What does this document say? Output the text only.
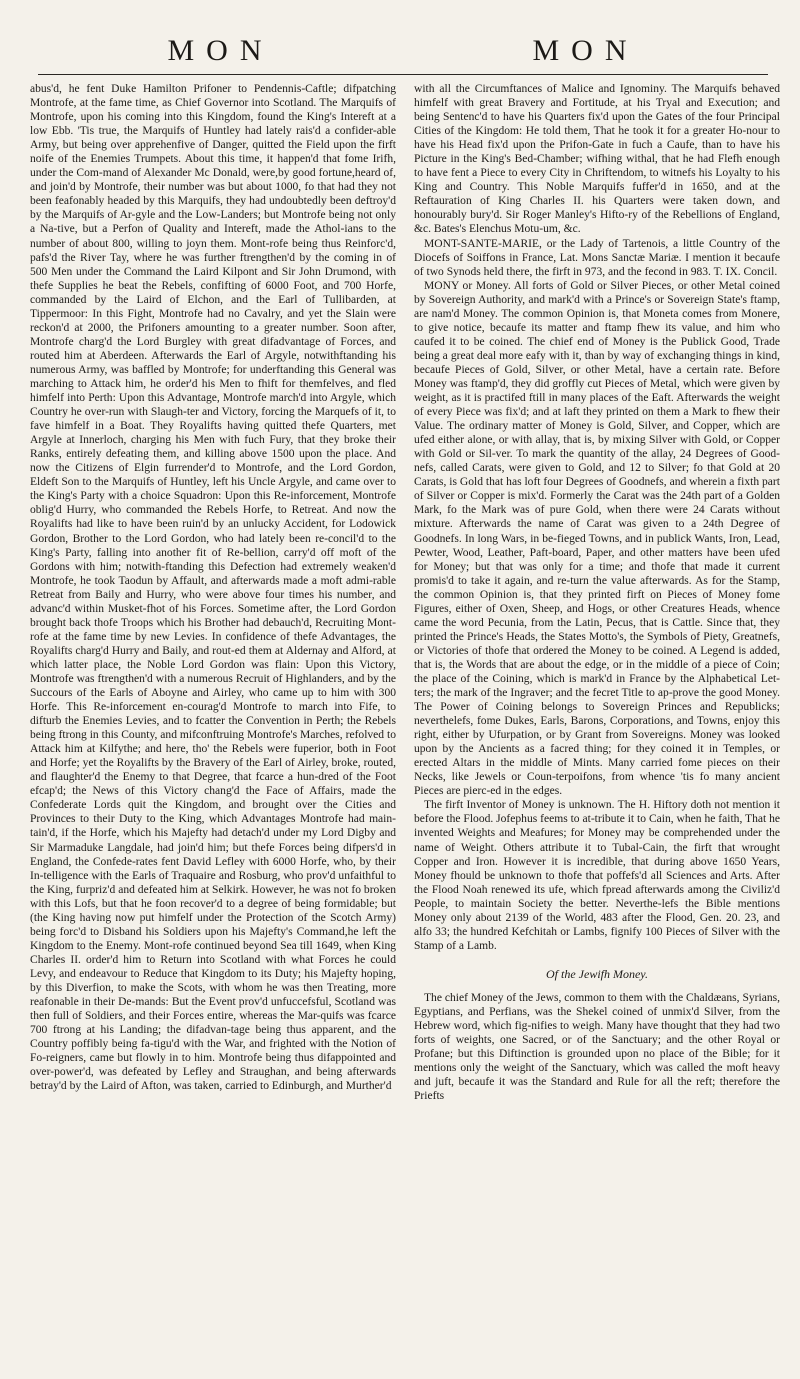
MON	MON

abus'd, he fent Duke Hamilton Prifoner to Pendennis-Caftle; difpatching Montrofe, at the fame time, as Chief Governor into Scotland. The Marquifs of Montrofe, upon his coming into this Kingdom, found the King's Intereft at a low Ebb. 'Tis true, the Marquifs of Huntley had lately rais'd a confider-able Army, but being over apprehenfive of Danger, quitted the Field upon the firft noife of the Enemies Trumpets. About this time, it happen'd that fome Irifh, under the Com-mand of Alexander Mc Donald, were,by good fortune,heard of, and join'd by Montrofe, their number was but about 1000, fo that had they not been feafonably headed by this Marquifs, they had undoubtedly been deftroy'd by the Marquifs of Ar-gyle and the Low-Landers; but Montrofe being not only a Na-tive, but a Perfon of Quality and Intereft, made the Athol-ians to the number of about 800, willing to joyn them. Mont-rofe being thus Reinforc'd, pafs'd the River Tay, where he was further ftrengthen'd by the coming in of 500 Men under the Command the Laird Kilpont and Sir John Drumond, with thefe Supplies he beat the Rebels, confifting of 6000 Foot, and 700 Horfe, commanded by the Laird of Elchon, and the Earl of Tullibarden, at Tippermoor: In this Fight, Montrofe had no Cavalry, and yet the Slain were reckon'd at 2000, the Prifoners amounting to a greater number. Soon after, Montrofe charg'd the Lord Burgley with great difadvantage of Forces, and routed him at Aberdeen. Afterwards the Earl of Argyle, notwithftanding his numerous Army, was baffled by Montrofe; for underftanding this General was marching to Attack him, he order'd his Men to fhift for themfelves, and fled himfelf into Perth: Upon this Advantage, Montrofe march'd into Argyle, which Country he over-run with Slaugh-ter and Victory, forcing the Marquefs of it, to fave himfelf in a Boat. They Royalifts having quitted thefe Quarters, met Argyle at Innerloch, charging his Men with fuch Fury, that they broke their Ranks, entirely defeating them, and killing above 1500 upon the place. And now the Citizens of Elgin furrender'd to Montrofe, and the Lord Gordon, Eldeft Son to the Marquifs of Huntley, left his Uncle Argyle, and came over to the King's Party with a choice Squadron: Upon this Re-inforcement, Montrofe oblig'd Hurry, who commanded the Rebels Horfe, to Retreat. And now the Royalifts had like to have been ruin'd by an unlucky Accident, for Lodowick Gordon, Brother to the Lord Gordon, who had lately been re-concil'd to the King's Party, falling into another fit of Re-bellion, carry'd off moft of the Gordons with him; notwith-ftanding this Defection had extremely weaken'd Montrofe, he took Taodun by Affault, and afterwards made a moft admi-rable Retreat from Baily and Hurry, who were above four times his number, and advanc'd within Musket-fhot of his Forces. Sometime after, the Lord Gordon brought back thofe Troops which his Brother had debauch'd, Recruiting Mont-rofe at the fame time by new Levies. In confidence of thefe Advantages, the Royalifts charg'd Hurry and Baily, and rout-ed them at Aldernay and Alford, at which latter place, the Noble Lord Gordon was flain: Upon this Victory, Montrofe was ftrengthen'd with a numerous Recruit of Highlanders, and by the Succours of the Earls of Aboyne and Airley, who came up to him with 300 Horfe. This Re-inforcement en-courag'd Montrofe to march into Fife, to difturb the Enemies Levies, and to fcatter the Convention in Perth; the Rebels being ftrong in this County, and mifconftruing Montrofe's Marches, refolved to Attack him at Kilfythe; and here, tho' the Rebels were fuperior, both in Foot and Horfe; yet the Royalifts by the Bravery of the Earl of Airley, broke, routed, and flaughter'd the Enemy to that Degree, that fcarce a hun-dred of the Foot efcap'd; the News of this Victory chang'd the Face of Affairs, made the Confederate Lords quit the Kingdom, and brought over the Cities and Provinces to their Duty to the King, which Advantages Montrofe had main-tain'd, if the Horfe, which his Majefty had detach'd under my Lord Digby and Sir Marmaduke Langdale, had join'd him; but thefe Forces being difpers'd in England, the Confede-rates fent David Lefley with 6000 Horfe, who, by their In-telligence with the Earls of Traquaire and Rosburg, who prov'd unfaithful to the King, furpriz'd and defeated him at Selkirk. However, he was not fo broken with this Lofs, but that he foon recover'd to a degree of being formidable; but (the King having now put himfelf under the Protection of the Scotch Army) being forc'd to Disband his Soldiers upon his Majefty's Command,he left the Kingdom to the Enemy. Mont-rofe continued beyond Sea till 1649, when King Charles II. order'd him to Return into Scotland with what Forces he could Levy, and endeavour to Reduce that Kingdom to its Duty; his Majefty hoping, by this Diverfion, to make the Scots, with whom he was then Treating, more reafonable in their De-mands: But the Event prov'd unfuccefsful, Scotland was then full of Soldiers, and their Forces entire, whereas the Mar-quifs was fcarce 700 ftrong at his Landing; the difadvan-tage being thus apparent, and the Country poffibly being fa-tigu'd with the War, and frighted with the Notion of Fo-reigners, came but flowly in to him. Montrofe being thus difappointed and over-power'd, was defeated by Lefley and Straughan, and being afterwards betray'd by the Laird of Afton, was taken, carried to Edinburgh, and Murther'd

with all the Circumftances of Malice and Ignominy. The Marquifs behaved himfelf with great Bravery and Fortitude, at his Tryal and Execution; and being Sentenc'd to have his Quarters fix'd upon the Gates of the four Principal Cities of the Kingdom: He told them, That he took it for a greater Ho-nour to have his Head fix'd upon the Prifon-Gate in fuch a Caufe, than to have his Picture in the King's Bed-Chamber; wifhing withal, that he had Flefh enough to have fent a Piece to every City in Chriftendom, to witnefs his Loyalty to his King and Country. This Noble Marquifs fuffer'd in 1650, and at the Reftauration of King Charles II. his Quarters were taken down, and honourably bury'd. Sir Roger Manley's Hifto-ry of the Rebellions of England, &c. Bates's Elenchus Motu-um, &c.

MONT-SANTE-MARIE, or the Lady of Tartenois, a little Country of the Diocefs of Soiffons in France, Lat. Mons Sanctæ Mariæ. I mention it becaufe of two Synods held there, the firft in 973, and the fecond in 983. T. IX. Concil.

MONY or Money. All forts of Gold or Silver Pieces, or other Metal coined by Sovereign Authority, and mark'd with a Prince's or Sovereign State's ftamp, are nam'd Money. The common Opinion is, that Moneta comes from Monere, to give notice, becaufe its matter and ftamp fhew its value, and him who caufed it to be coined. The chief end of Money is the Publick Good, Trade being a great deal more eafy with it, than by way of exchanging things in kind, becaufe Pieces of Gold, Silver, or other Metal, have a certain rate. Before Money was ftamp'd, they did groffly cut Pieces of Metal, which were given by weight, as it is practifed ftill in many places of the Eaft. Afterwards the weight of every Piece was fix'd; and at laft they printed on them a Mark to fhew their Value. The ordinary matter of Money is Gold, Silver, and Copper, which are ufed either alone, or with allay, that is, by mixing Silver with Gold, or Copper with Gold or Sil-ver. To mark the quantity of the allay, 24 Degrees of Good-nefs, called Carats, were given to Gold, and 12 to Silver; fo that Gold at 20 Carats, is Gold that has loft four Degrees of Goodnefs, and wherein a fixth part of Silver or Copper is mix'd. Formerly the Carat was the 24th part of a Golden Mark, fo the Mark was of pure Gold, when there were 24 Carats without mixture. Afterwards the name of Carat was given to a 24th Degree of Goodnefs. In long Wars, in be-fieged Towns, and in publick Wants, Iron, Lead, Pewter, Wood, Leather, Paft-board, Paper, and other matters have been ufed for Money; but that was only for a time; and thofe that made it current promis'd to take it again, and re-turn the value afterwards. As for the Stamp, the common Opinion is, that they printed firft on Pieces of Money fome Figures, either of Oxen, Sheep, and Hogs, or other Creatures Heads, whence came the word Pecunia, from the Latin, Pecus, that is Cattle. Since that, they printed the Prince's Heads, the States Motto's, the Symbols of Piety, Greatnefs, or Victories of thofe that ordered the Money to be coined. A Legend is added, that is, the Words that are about the edge, or in the middle of a piece of Coin; the place of the Coining, which is mark'd in France by the Alphabetical Let-ters; the mark of the Ingraver; and the fecret Title to ap-prove the good Money. The Power of Coining belongs to Sovereign Princes and Republicks; neverthelefs, fome Dukes, Earls, Barons, Corporations, and Towns, enjoy this right, either by Ufurpation, or by Grant from Sovereigns. Money was looked upon by the Ancients as a facred thing; for they coined it in Temples, or erected Altars in the middle of Mints. Many carried fome pieces on their Necks, like Jewels or Coun-terpoifons, from whence 'tis fo many ancient Pieces are pierc-ed in the edges.

The firft Inventor of Money is unknown. The H. Hiftory doth not mention it before the Flood. Jofephus feems to at-tribute it to Cain, when he faith, That he invented Weights and Meafures; for Money may be comprehended under the name of Weight. Others attribute it to Tubal-Cain, the firft that wrought Copper and Iron. However it is incredible, that during above 1650 Years, Money fhould be unknown to thofe that poffefs'd all Sciences and Arts. After the Flood Noah renewed its ufe, which fpread afterwards among the Civiliz'd People, to maintain Society the better. Neverthe-lefs the Bible mentions Money only about 2139 of the World, 483 after the Flood, Gen. 20. 23, and alfo 33; the hundred Kefchitah or Lambs, fignify 100 Pieces of Silver with the Stamp of a Lamb.

Of the Jewifh Money.

The chief Money of the Jews, common to them with the Chaldæans, Syrians, Egyptians, and Perfians, was the Shekel coined of unmix'd Silver, from the Hebrew word, which fig-nifies to weigh. Many have thought that they had two forts of weights, one Sacred, or of the Sanctuary; and the other Royal or Profane; but this Diftinction is grounded upon no place of the Bible; for it mentions only the weight of the Sanctuary, which was called the moft heavy and juft, becaufe it was the Standard and Rule for all the reft; therefore the Priefts
